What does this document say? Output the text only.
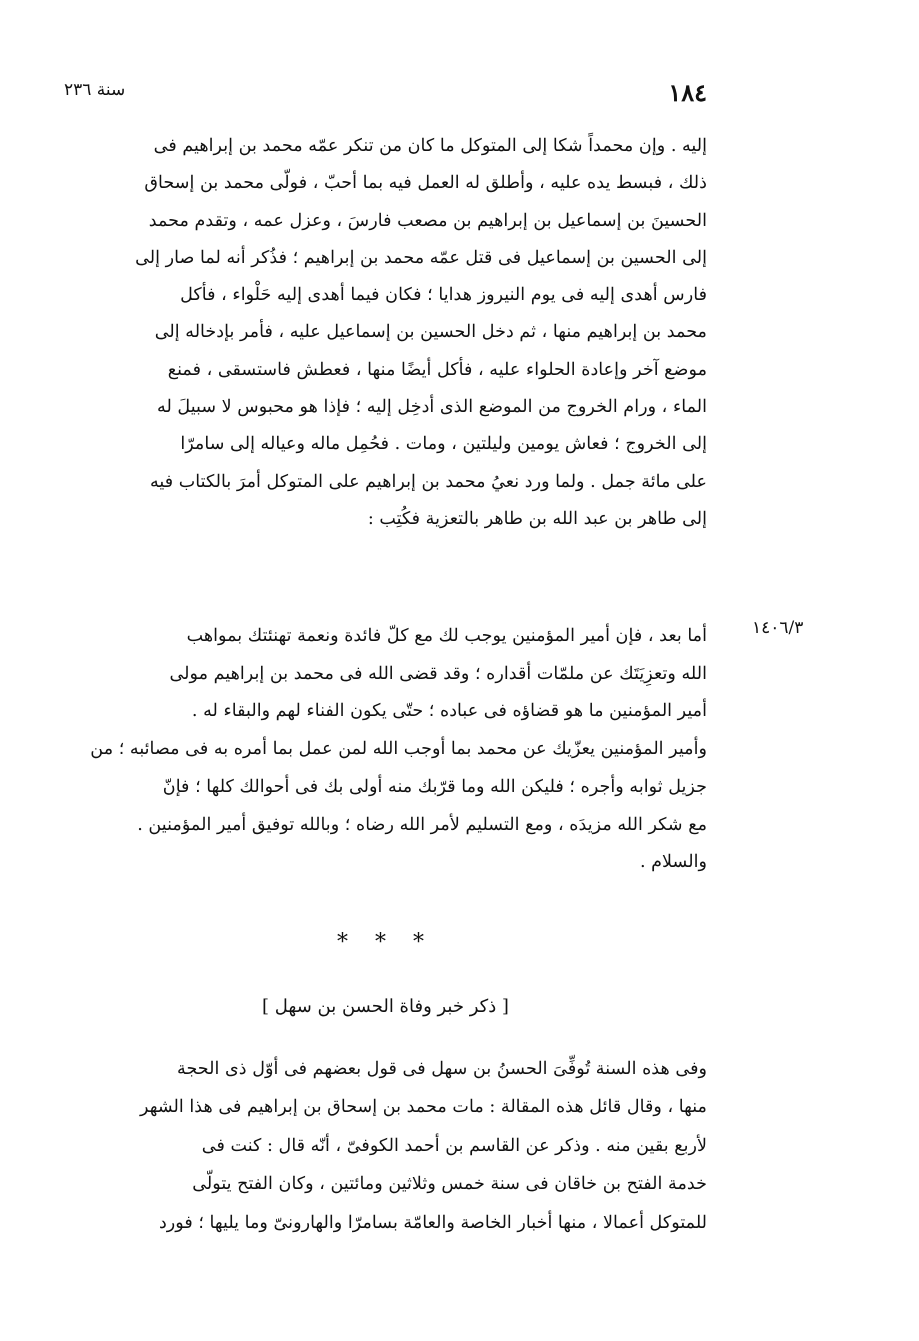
١٨٤
سنة ٢٣٦
إليه . وإن محمداً شكا إلى المتوكل ما كان من تنكر عمّه محمد بن إبراهيم فى
ذلك ، فبسط يده عليه ، وأطلق له العمل فيه بما أحبّ ، فولّى محمد بن إسحاق
الحسينَ بن إسماعيل بن إبراهيم بن مصعب فارسَ ، وعزل عمه ، وتقدم محمد
إلى الحسين بن إسماعيل فى قتل عمّه محمد بن إبراهيم ؛ فذُكر أنه لما صار إلى
فارس أهدى إليه فى يوم النيروز هدايا ؛ فكان فيما أهدى إليه حَلْواء ، فأكل
محمد بن إبراهيم منها ، ثم دخل الحسين بن إسماعيل عليه ، فأمر بإدخاله إلى
موضع آخر وإعادة الحلواء عليه ، فأكل أيضًا منها ، فعطش فاستسقى ، فمنع
الماء ، ورام الخروج من الموضع الذى أدخِل إليه ؛ فإذا هو محبوس لا سبيلَ له
إلى الخروج ؛ فعاش يومين وليلتين ، ومات . فحُمِل ماله وعياله إلى سامرّا
على مائة جمل . ولما ورد نعيُ محمد بن إبراهيم على المتوكل أمرَ بالكتاب فيه
إلى طاهر بن عبد الله بن طاهر بالتعزية فكُتِب :
١٤٠٦/٣
أما بعد ، فإن أمير المؤمنين يوجب لك مع كلّ فائدة ونعمة تهنئتك بمواهب
الله وتعزِيَتَك عن ملمّات أقداره ؛ وقد قضى الله فى محمد بن إبراهيم مولى
أمير المؤمنين ما هو قضاؤه فى عباده ؛ حتّى يكون الفناء لهم والبقاء له .
وأمير المؤمنين يعزّيك عن محمد بما أوجب الله لمن عمل بما أمره به فى مصائبه ؛ من
جزيل ثوابه وأجره ؛ فليكن الله وما قرّبك منه أولى بك فى أحوالك كلها ؛ فإنّ
مع شكر الله مزيدَه ، ومع التسليم لأمر الله رضاه ؛ وبالله توفيق أمير المؤمنين .
والسلام .
* * *
[ ذكر خبر وفاة الحسن بن سهل ]
وفى هذه السنة تُوفِّىَ الحسنُ بن سهل فى قول بعضهم فى أوّل ذى الحجة
منها ، وقال قائل هذه المقالة : مات محمد بن إسحاق بن إبراهيم فى هذا الشهر
لأربع بقين منه . وذكر عن القاسم بن أحمد الكوفىّ ، أنّه قال : كنت فى
خدمة الفتح بن خاقان فى سنة خمس وثلاثين ومائتين ، وكان الفتح يتولّى
للمتوكل أعمالا ، منها أخبار الخاصة والعامّة بسامرّا والهارونىّ وما يليها ؛ فورد
